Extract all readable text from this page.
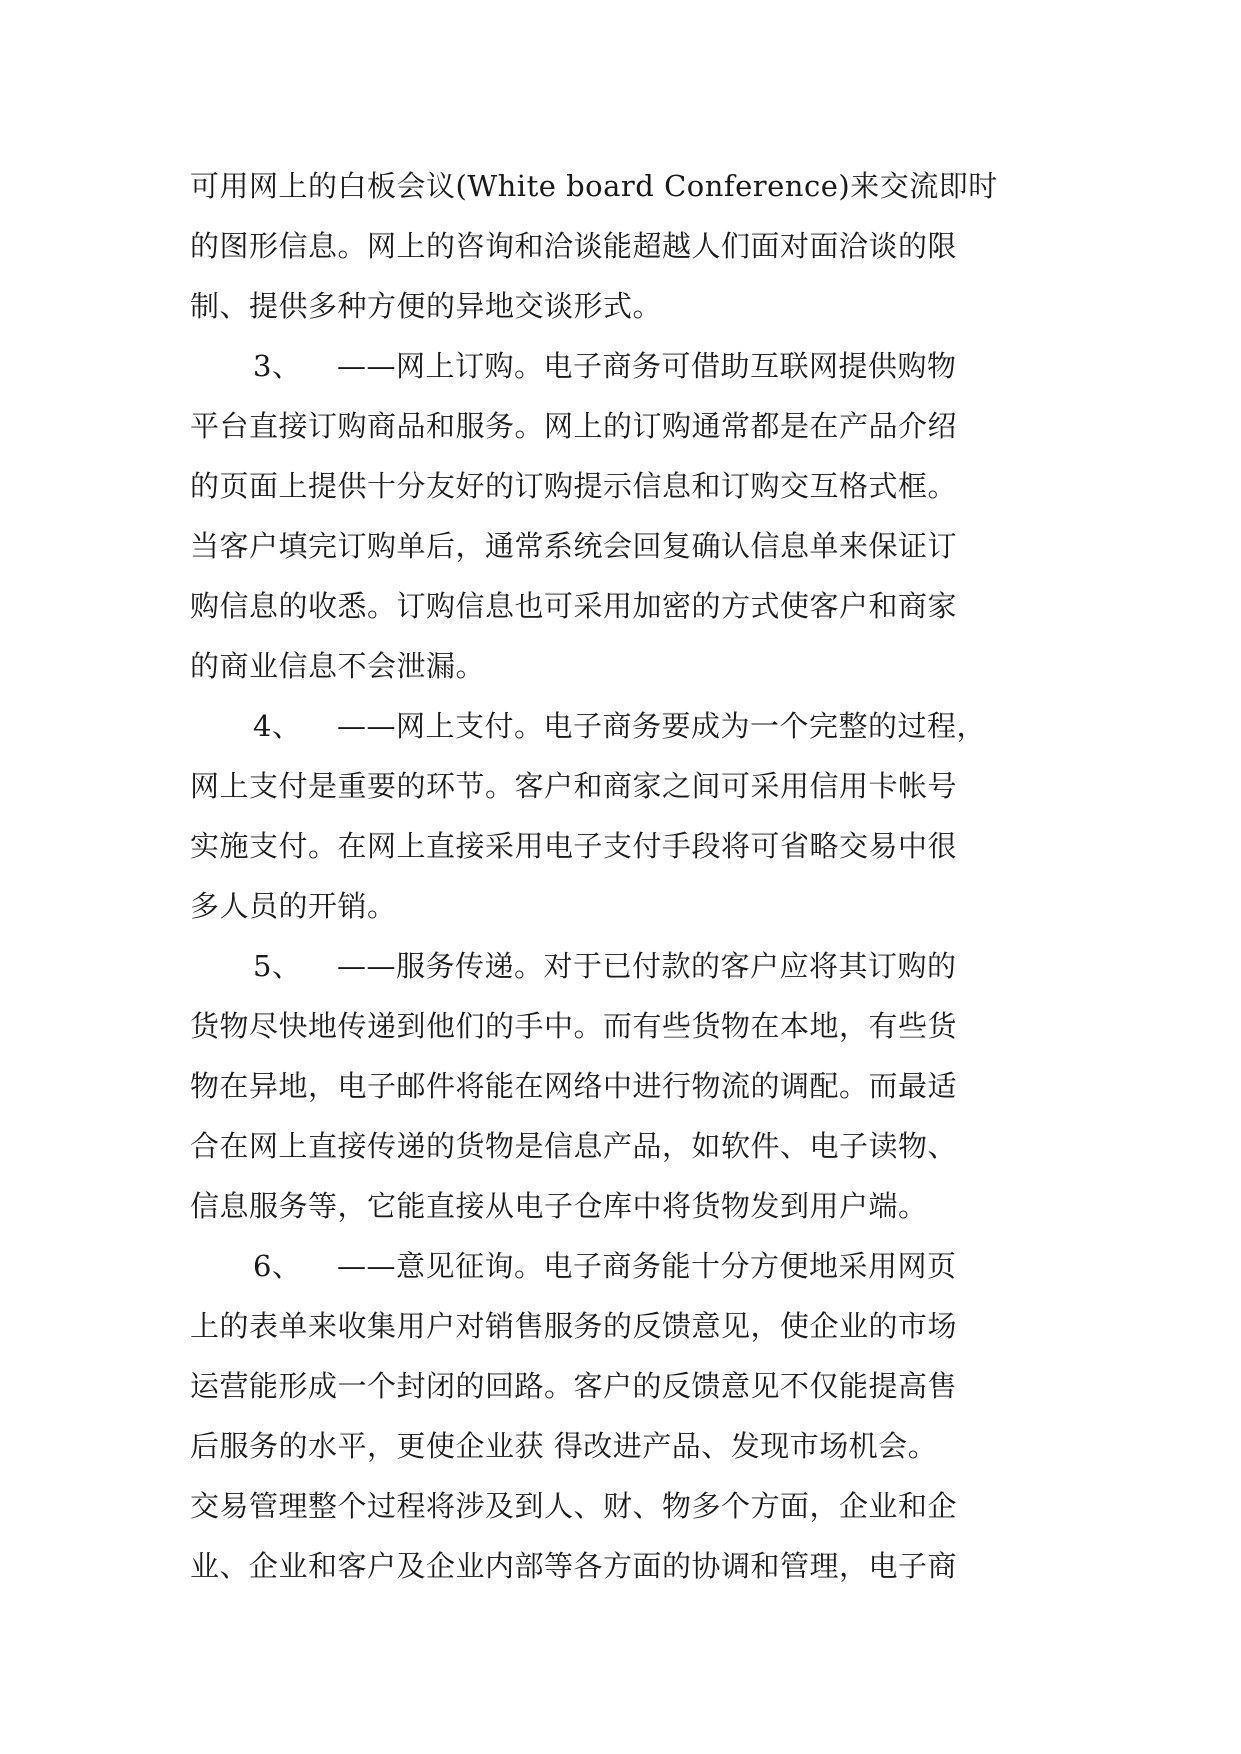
可用网上的白板会议(White board Conference)来交流即时
的图形信息。网上的咨询和洽谈能超越人们面对面洽谈的限
制、提供多种方便的异地交谈形式。
3、 ——网上订购。电子商务可借助互联网提供购物
平台直接订购商品和服务。网上的订购通常都是在产品介绍
的页面上提供十分友好的订购提示信息和订购交互格式框。
当客户填完订购单后，通常系统会回复确认信息单来保证订
购信息的收悉。订购信息也可采用加密的方式使客户和商家
的商业信息不会泄漏。
4、 ——网上支付。电子商务要成为一个完整的过程，
网上支付是重要的环节。客户和商家之间可采用信用卡帐号
实施支付。在网上直接采用电子支付手段将可省略交易中很
多人员的开销。
5、 ——服务传递。对于已付款的客户应将其订购的
货物尽快地传递到他们的手中。而有些货物在本地，有些货
物在异地，电子邮件将能在网络中进行物流的调配。而最适
合在网上直接传递的货物是信息产品，如软件、电子读物、
信息服务等，它能直接从电子仓库中将货物发到用户端。
6、 ——意见征询。电子商务能十分方便地采用网页
上的表单来收集用户对销售服务的反馈意见，使企业的市场
运营能形成一个封闭的回路。客户的反馈意见不仅能提高售
后服务的水平，更使企业获 得改进产品、发现市场机会。
交易管理整个过程将涉及到人、财、物多个方面，企业和企
业、企业和客户及企业内部等各方面的协调和管理，电子商
